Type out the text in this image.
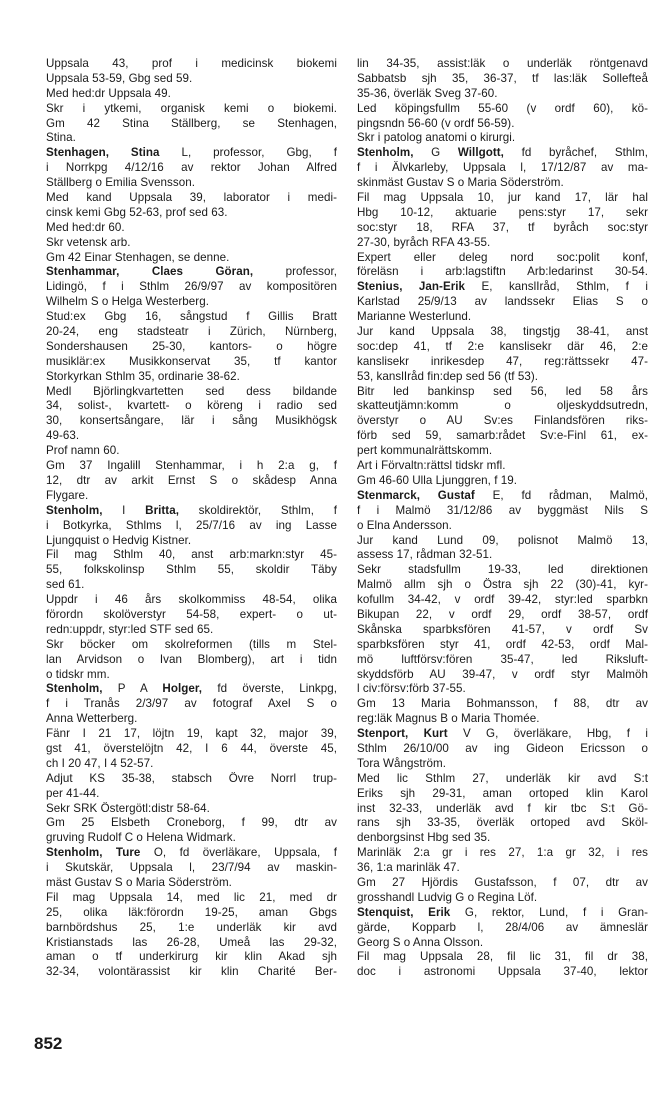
Uppsala 43, prof i medicinsk biokemi
Uppsala 53-59, Gbg sed 59.
Med hed:dr Uppsala 49.
Skr i ytkemi, organisk kemi o biokemi.
Gm 42 Stina Ställberg, se Stenhagen,
Stina.
Stenhagen, Stina L, professor, Gbg, f
i Norrkpg 4/12/16 av rektor Johan Alfred
Ställberg o Emilia Svensson.
Med kand Uppsala 39, laborator i medi-
cinsk kemi Gbg 52-63, prof sed 63.
Med hed:dr 60.
Skr vetensk arb.
Gm 42 Einar Stenhagen, se denne.
Stenhammar, Claes Göran, professor,
Lidingö, f i Sthlm 26/9/97 av kompositören
Wilhelm S o Helga Westerberg.
Stud:ex Gbg 16, sångstud f Gillis Bratt
20-24, eng stadsteatr i Zürich, Nürnberg,
Sondershausen 25-30, kantors- o högre
musiklär:ex Musikkonservat 35, tf kantor
Storkyrkan Sthlm 35, ordinarie 38-62.
Medl Björlingkvartetten sed dess bildande
34, solist-, kvartett- o köreng i radio sed
30, konsertsångare, lär i sång Musikhögsk
49-63.
Prof namn 60.
Gm 37 Ingalill Stenhammar, i h 2:a g, f
12, dtr av arkit Ernst S o skådesp Anna
Flygare.
Stenholm, I Britta, skoldirektör, Sthlm, f
i Botkyrka, Sthlms l, 25/7/16 av ing Lasse
Ljungquist o Hedvig Kistner.
Fil mag Sthlm 40, anst arb:markn:styr 45-
55, folkskolinsp Sthlm 55, skoldir Täby
sed 61.
Uppdr i 46 års skolkommiss 48-54, olika
förordn skolöverstyr 54-58, expert- o ut-
redn:uppdr, styr:led STF sed 65.
Skr böcker om skolreformen (tills m Stel-
lan Arvidson o Ivan Blomberg), art i tidn
o tidskr mm.
Stenholm, P A Holger, fd överste, Linkpg,
f i Tranås 2/3/97 av fotograf Axel S o
Anna Wetterberg.
Fänr I 21 17, löjtn 19, kapt 32, major 39,
gst 41, överstelöjtn 42, I 6 44, överste 45,
ch I 20 47, I 4 52-57.
Adjut KS 35-38, stabsch Övre Norrl trup-
per 41-44.
Sekr SRK Östergötl:distr 58-64.
Gm 25 Elsbeth Croneborg, f 99, dtr av
gruving Rudolf C o Helena Widmark.
Stenholm, Ture O, fd överläkare, Uppsala, f
i Skutskär, Uppsala l, 23/7/94 av maskin-
mäst Gustav S o Maria Söderström.
Fil mag Uppsala 14, med lic 21, med dr
25, olika läk:förordn 19-25, aman Gbgs
barnbördshus 25, 1:e underläk kir avd
Kristianstads las 26-28, Umeå las 29-32,
aman o tf underkirurg kir klin Akad sjh
32-34, volontärassist kir klin Charité Ber-
lin 34-35, assist:läk o underläk röntgenavd
Sabbatsb sjh 35, 36-37, tf las:läk Sollefteå
35-36, överläk Sveg 37-60.
Led köpingsfullm 55-60 (v ordf 60), kö-
pingsndn 56-60 (v ordf 56-59).
Skr i patolog anatomi o kirurgi.
Stenholm, G Willgott, fd byråchef, Sthlm,
f i Älvkarleby, Uppsala l, 17/12/87 av ma-
skinmäst Gustav S o Maria Söderström.
Fil mag Uppsala 10, jur kand 17, lär hal
Hbg 10-12, aktuarie pens:styr 17, sekr
soc:styr 18, RFA 37, tf byråch soc:styr
27-30, byråch RFA 43-55.
Expert eller deleg nord soc:polit konf,
föreläsn i arb:lagstiftn Arb:ledarinst 30-54.
Stenius, Jan-Erik E, kanslIråd, Sthlm, f i
Karlstad 25/9/13 av landssekr Elias S o
Marianne Westerlund.
Jur kand Uppsala 38, tingstjg 38-41, anst
soc:dep 41, tf 2:e kanslisekr där 46, 2:e
kanslisekr inrikesdep 47, reg:rättssekr 47-
53, kanslIråd fin:dep sed 56 (tf 53).
Bitr led bankinsp sed 56, led 58 års
skatteutjämn:komm o oljeskyddsutredn,
överstyr o AU Sv:es Finlandsfören riks-
förb sed 59, samarb:rådet Sv:e-Finl 61, ex-
pert kommunalrättskomm.
Art i Förvaltn:rättsl tidskr mfl.
Gm 46-60 Ulla Ljunggren, f 19.
Stenmarck, Gustaf E, fd rådman, Malmö,
f i Malmö 31/12/86 av byggmäst Nils S
o Elna Andersson.
Jur kand Lund 09, polisnot Malmö 13,
assess 17, rådman 32-51.
Sekr stadsfullm 19-33, led direktionen
Malmö allm sjh o Östra sjh 22 (30)-41, kyr-
kofullm 34-42, v ordf 39-42, styr:led sparbkn
Bikupan 22, v ordf 29, ordf 38-57, ordf
Skånska sparbksfören 41-57, v ordf Sv
sparbksfören styr 41, ordf 42-53, ordf Mal-
mö luftförsv:fören 35-47, led Riksluft-
skyddsförb AU 39-47, v ordf styr Malmöh
l civ:försv:förb 37-55.
Gm 13 Maria Bohmansson, f 88, dtr av
reg:läk Magnus B o Maria Thomée.
Stenport, Kurt V G, överläkare, Hbg, f i
Sthlm 26/10/00 av ing Gideon Ericsson o
Tora Wångström.
Med lic Sthlm 27, underläk kir avd S:t
Eriks sjh 29-31, aman ortoped klin Karol
inst 32-33, underläk avd f kir tbc S:t Gö-
rans sjh 33-35, överläk ortoped avd Sköl-
denborgsinst Hbg sed 35.
Marinläk 2:a gr i res 27, 1:a gr 32, i res
36, 1:a marinläk 47.
Gm 27 Hjördis Gustafsson, f 07, dtr av
grosshandl Ludvig G o Regina Löf.
Stenquist, Erik G, rektor, Lund, f i Gran-
gärde, Kopparb l, 28/4/06 av ämneslär
Georg S o Anna Olsson.
Fil mag Uppsala 28, fil lic 31, fil dr 38,
doc i astronomi Uppsala 37-40, lektor
852
